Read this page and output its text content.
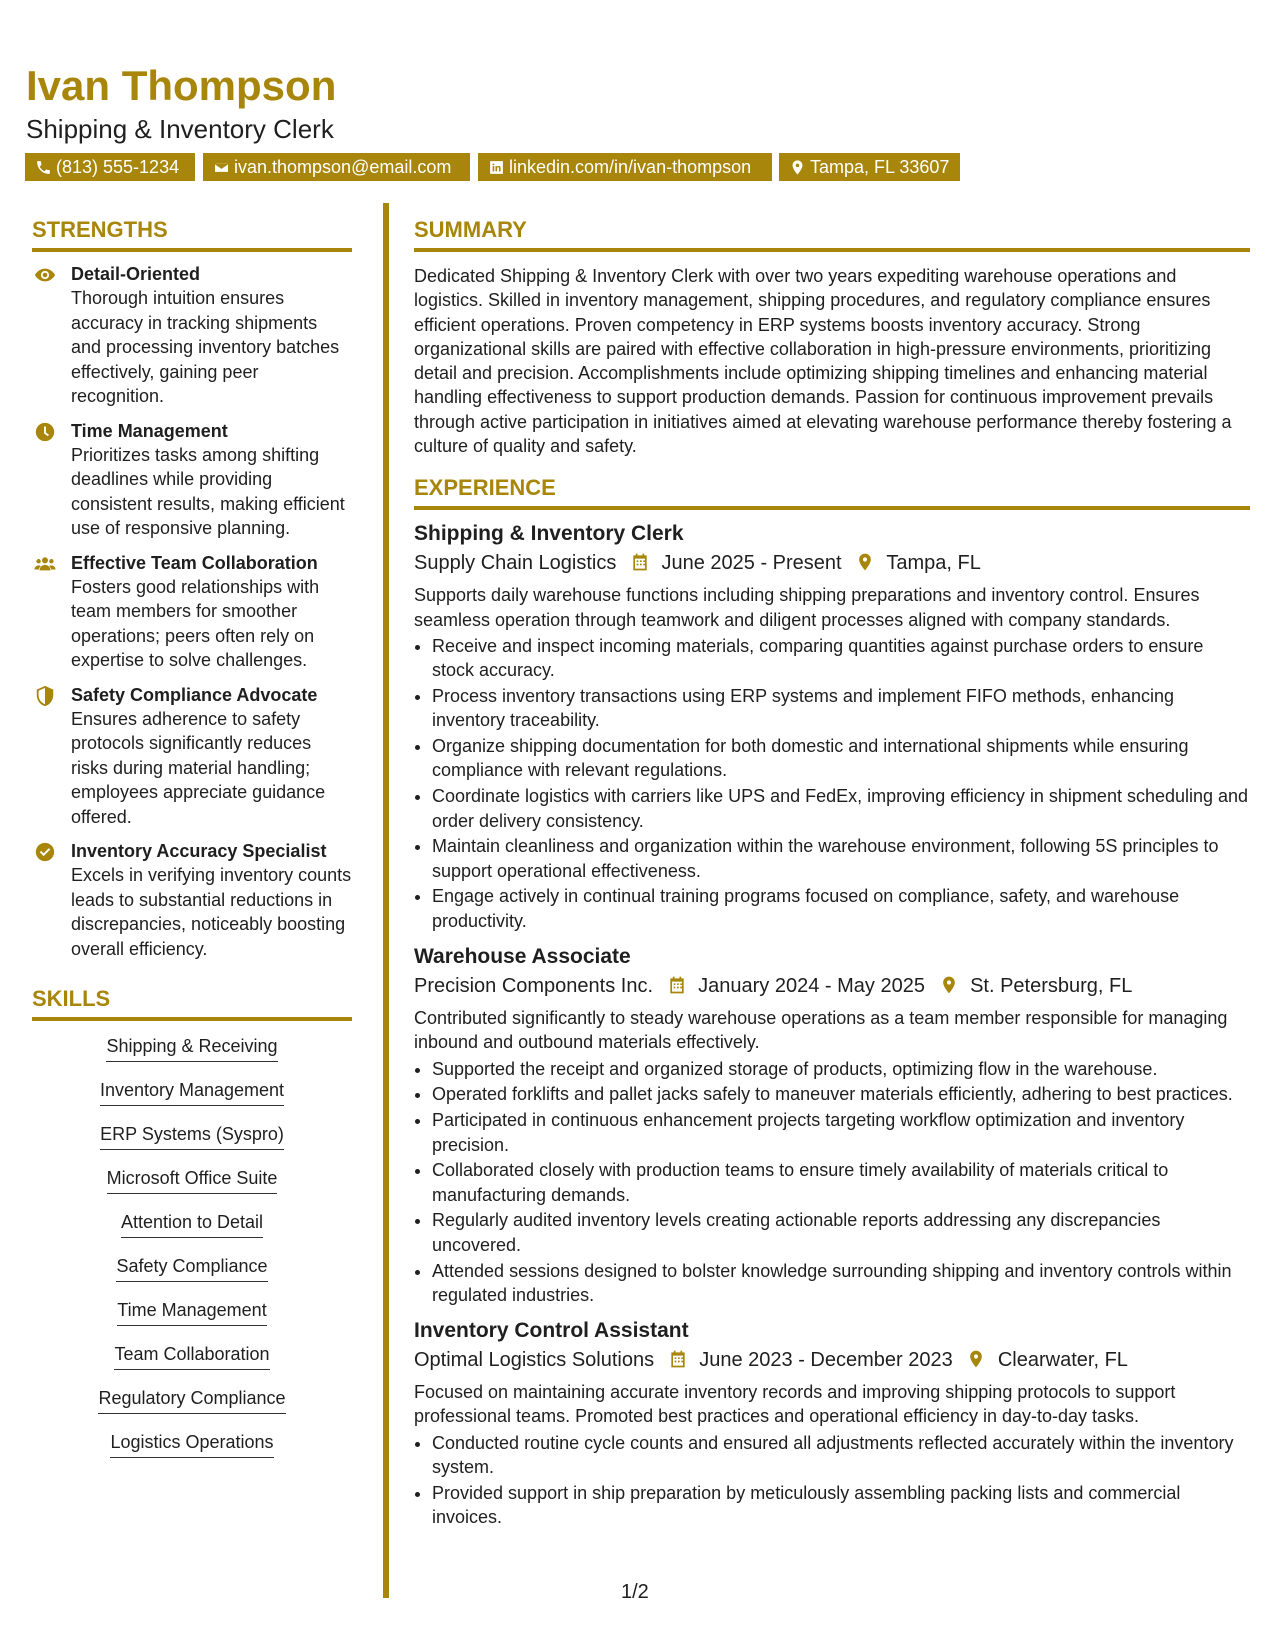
Ivan Thompson
Shipping & Inventory Clerk
(813) 555-1234	ivan.thompson@email.com	linkedin.com/in/ivan-thompson	Tampa, FL 33607
STRENGTHS
Detail-Oriented
Thorough intuition ensures accuracy in tracking shipments and processing inventory batches effectively, gaining peer recognition.
Time Management
Prioritizes tasks among shifting deadlines while providing consistent results, making efficient use of responsive planning.
Effective Team Collaboration
Fosters good relationships with team members for smoother operations; peers often rely on expertise to solve challenges.
Safety Compliance Advocate
Ensures adherence to safety protocols significantly reduces risks during material handling; employees appreciate guidance offered.
Inventory Accuracy Specialist
Excels in verifying inventory counts leads to substantial reductions in discrepancies, noticeably boosting overall efficiency.
SKILLS
Shipping & Receiving
Inventory Management
ERP Systems (Syspro)
Microsoft Office Suite
Attention to Detail
Safety Compliance
Time Management
Team Collaboration
Regulatory Compliance
Logistics Operations
SUMMARY
Dedicated Shipping & Inventory Clerk with over two years expediting warehouse operations and logistics. Skilled in inventory management, shipping procedures, and regulatory compliance ensures efficient operations. Proven competency in ERP systems boosts inventory accuracy. Strong organizational skills are paired with effective collaboration in high-pressure environments, prioritizing detail and precision. Accomplishments include optimizing shipping timelines and enhancing material handling effectiveness to support production demands. Passion for continuous improvement prevails through active participation in initiatives aimed at elevating warehouse performance thereby fostering a culture of quality and safety.
EXPERIENCE
Shipping & Inventory Clerk
Supply Chain Logistics June 2025 - Present Tampa, FL
Supports daily warehouse functions including shipping preparations and inventory control. Ensures seamless operation through teamwork and diligent processes aligned with company standards.
• Receive and inspect incoming materials, comparing quantities against purchase orders to ensure stock accuracy.
• Process inventory transactions using ERP systems and implement FIFO methods, enhancing inventory traceability.
• Organize shipping documentation for both domestic and international shipments while ensuring compliance with relevant regulations.
• Coordinate logistics with carriers like UPS and FedEx, improving efficiency in shipment scheduling and order delivery consistency.
• Maintain cleanliness and organization within the warehouse environment, following 5S principles to support operational effectiveness.
• Engage actively in continual training programs focused on compliance, safety, and warehouse productivity.
Warehouse Associate
Precision Components Inc. January 2024 - May 2025 St. Petersburg, FL
Contributed significantly to steady warehouse operations as a team member responsible for managing inbound and outbound materials effectively.
• Supported the receipt and organized storage of products, optimizing flow in the warehouse.
• Operated forklifts and pallet jacks safely to maneuver materials efficiently, adhering to best practices.
• Participated in continuous enhancement projects targeting workflow optimization and inventory precision.
• Collaborated closely with production teams to ensure timely availability of materials critical to manufacturing demands.
• Regularly audited inventory levels creating actionable reports addressing any discrepancies uncovered.
• Attended sessions designed to bolster knowledge surrounding shipping and inventory controls within regulated industries.
Inventory Control Assistant
Optimal Logistics Solutions June 2023 - December 2023 Clearwater, FL
Focused on maintaining accurate inventory records and improving shipping protocols to support professional teams. Promoted best practices and operational efficiency in day-to-day tasks.
• Conducted routine cycle counts and ensured all adjustments reflected accurately within the inventory system.
• Provided support in ship preparation by meticulously assembling packing lists and commercial invoices.
1/2
